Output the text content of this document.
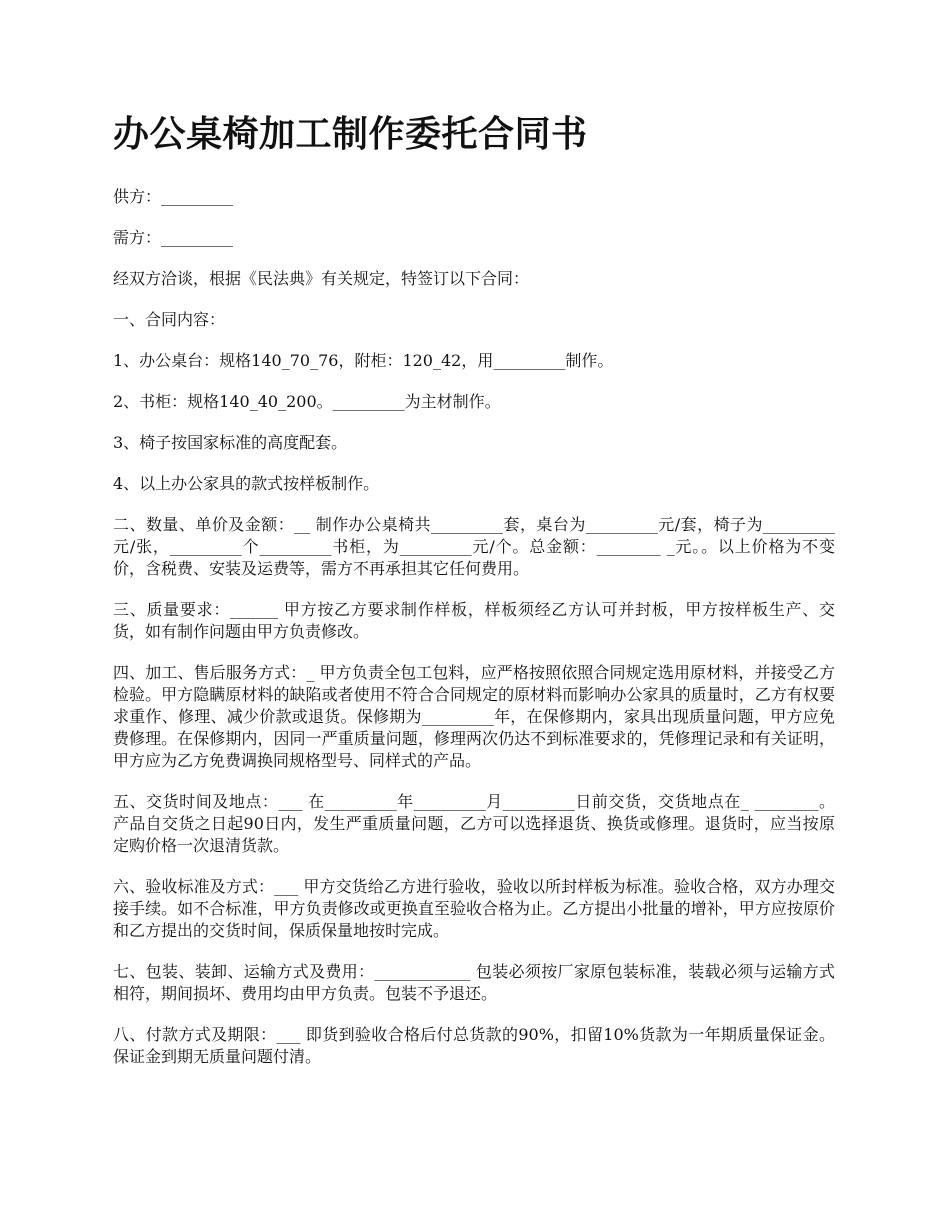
办公桌椅加工制作委托合同书

供方：_________

需方：_________

经双方洽谈，根据《民法典》有关规定，特签订以下合同：

一、合同内容：

1、办公桌台：规格140_70_76，附柜：120_42，用_________制作。

2、书柜：规格140_40_200。_________为主材制作。

3、椅子按国家标准的高度配套。

4、以上办公家具的款式按样板制作。

二、数量、单价及金额：__ 制作办公桌椅共_________套，桌台为_________元/套，椅子为_________元/张，_________个_________书柜，为_________元/个。总金额：________ _元。。以上价格为不变价，含税费、安装及运费等，需方不再承担其它任何费用。

三、质量要求：______ 甲方按乙方要求制作样板，样板须经乙方认可并封板，甲方按样板生产、交货，如有制作问题由甲方负责修改。

四、加工、售后服务方式：_ 甲方负责全包工包料，应严格按照依照合同规定选用原材料，并接受乙方检验。甲方隐瞒原材料的缺陷或者使用不符合合同规定的原材料而影响办公家具的质量时，乙方有权要求重作、修理、减少价款或退货。保修期为_________年，在保修期内，家具出现质量问题，甲方应免费修理。在保修期内，因同一严重质量问题，修理两次仍达不到标准要求的，凭修理记录和有关证明，甲方应为乙方免费调换同规格型号、同样式的产品。

五、交货时间及地点：___ 在_________年_________月_________日前交货，交货地点在_ ________。产品自交货之日起90日内，发生严重质量问题，乙方可以选择退货、换货或修理。退货时，应当按原定购价格一次退清货款。

六、验收标准及方式：___ 甲方交货给乙方进行验收，验收以所封样板为标准。验收合格，双方办理交接手续。如不合标准，甲方负责修改或更换直至验收合格为止。乙方提出小批量的增补，甲方应按原价和乙方提出的交货时间，保质保量地按时完成。

七、包装、装卸、运输方式及费用：____________ 包装必须按厂家原包装标准，装载必须与运输方式相符，期间损坏、费用均由甲方负责。包装不予退还。

八、付款方式及期限：___ 即货到验收合格后付总货款的90%，扣留10%货款为一年期质量保证金。保证金到期无质量问题付清。
